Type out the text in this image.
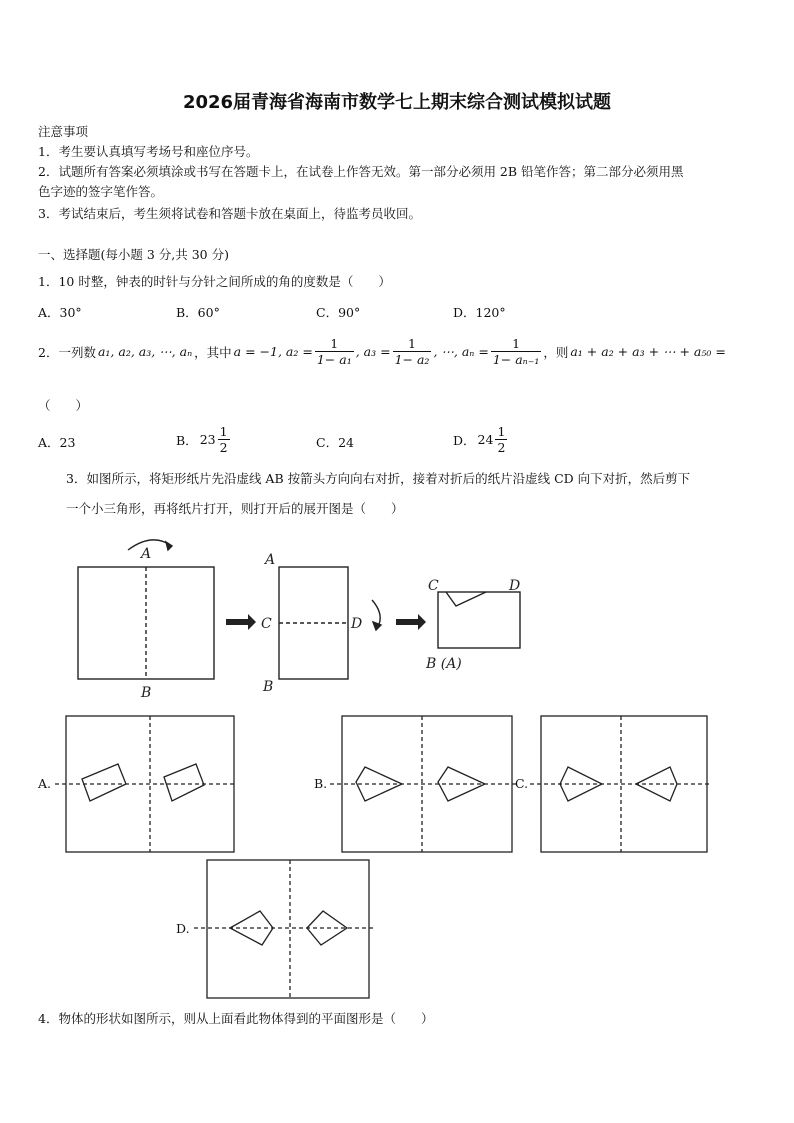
2026届青海省海南市数学七上期末综合测试模拟试题
注意事项
1．考生要认真填写考场号和座位序号。
2．试题所有答案必须填涂或书写在答题卡上，在试卷上作答无效。第一部分必须用 2B 铅笔作答；第二部分必须用黑
色字迹的签字笔作答。
3．考试结束后，考生须将试卷和答题卡放在桌面上，待监考员收回。
一、选择题(每小题 3 分,共 30 分)
1．10 时整，钟表的时针与分针之间所成的角的度数是（　　）
A．30°	B．60°	C．90°	D．120°
2．一列数 a₁, a₂, a₃, ⋯, aₙ ，其中 a = −1, $a_2 = \frac{1}{\text{1− a₁}}$ , $a_3 = \frac{1}{\text{1− a₂}}$ , ⋯, $a_n = \frac{1}{\text{1− aₙ₋₁}}$ ，则 a₁ + a₂ + a₃ + ⋯ + a₅₀ =
（　　）
A．23	B． $23 \frac{1}{2}$	C．24	D． $24 \frac{1}{2}$
3．如图所示，将矩形纸片先沿虚线 AB 按箭头方向向右对折，接着对折后的纸片沿虚线 CD 向下对折，然后剪下
一个小三角形，再将纸片打开，则打开后的展开图是（　　）
A
B
A
C	D
B
C	D
B (A)
A.	B.	C.
D.
4．物体的形状如图所示，则从上面看此物体得到的平面图形是（　　）
